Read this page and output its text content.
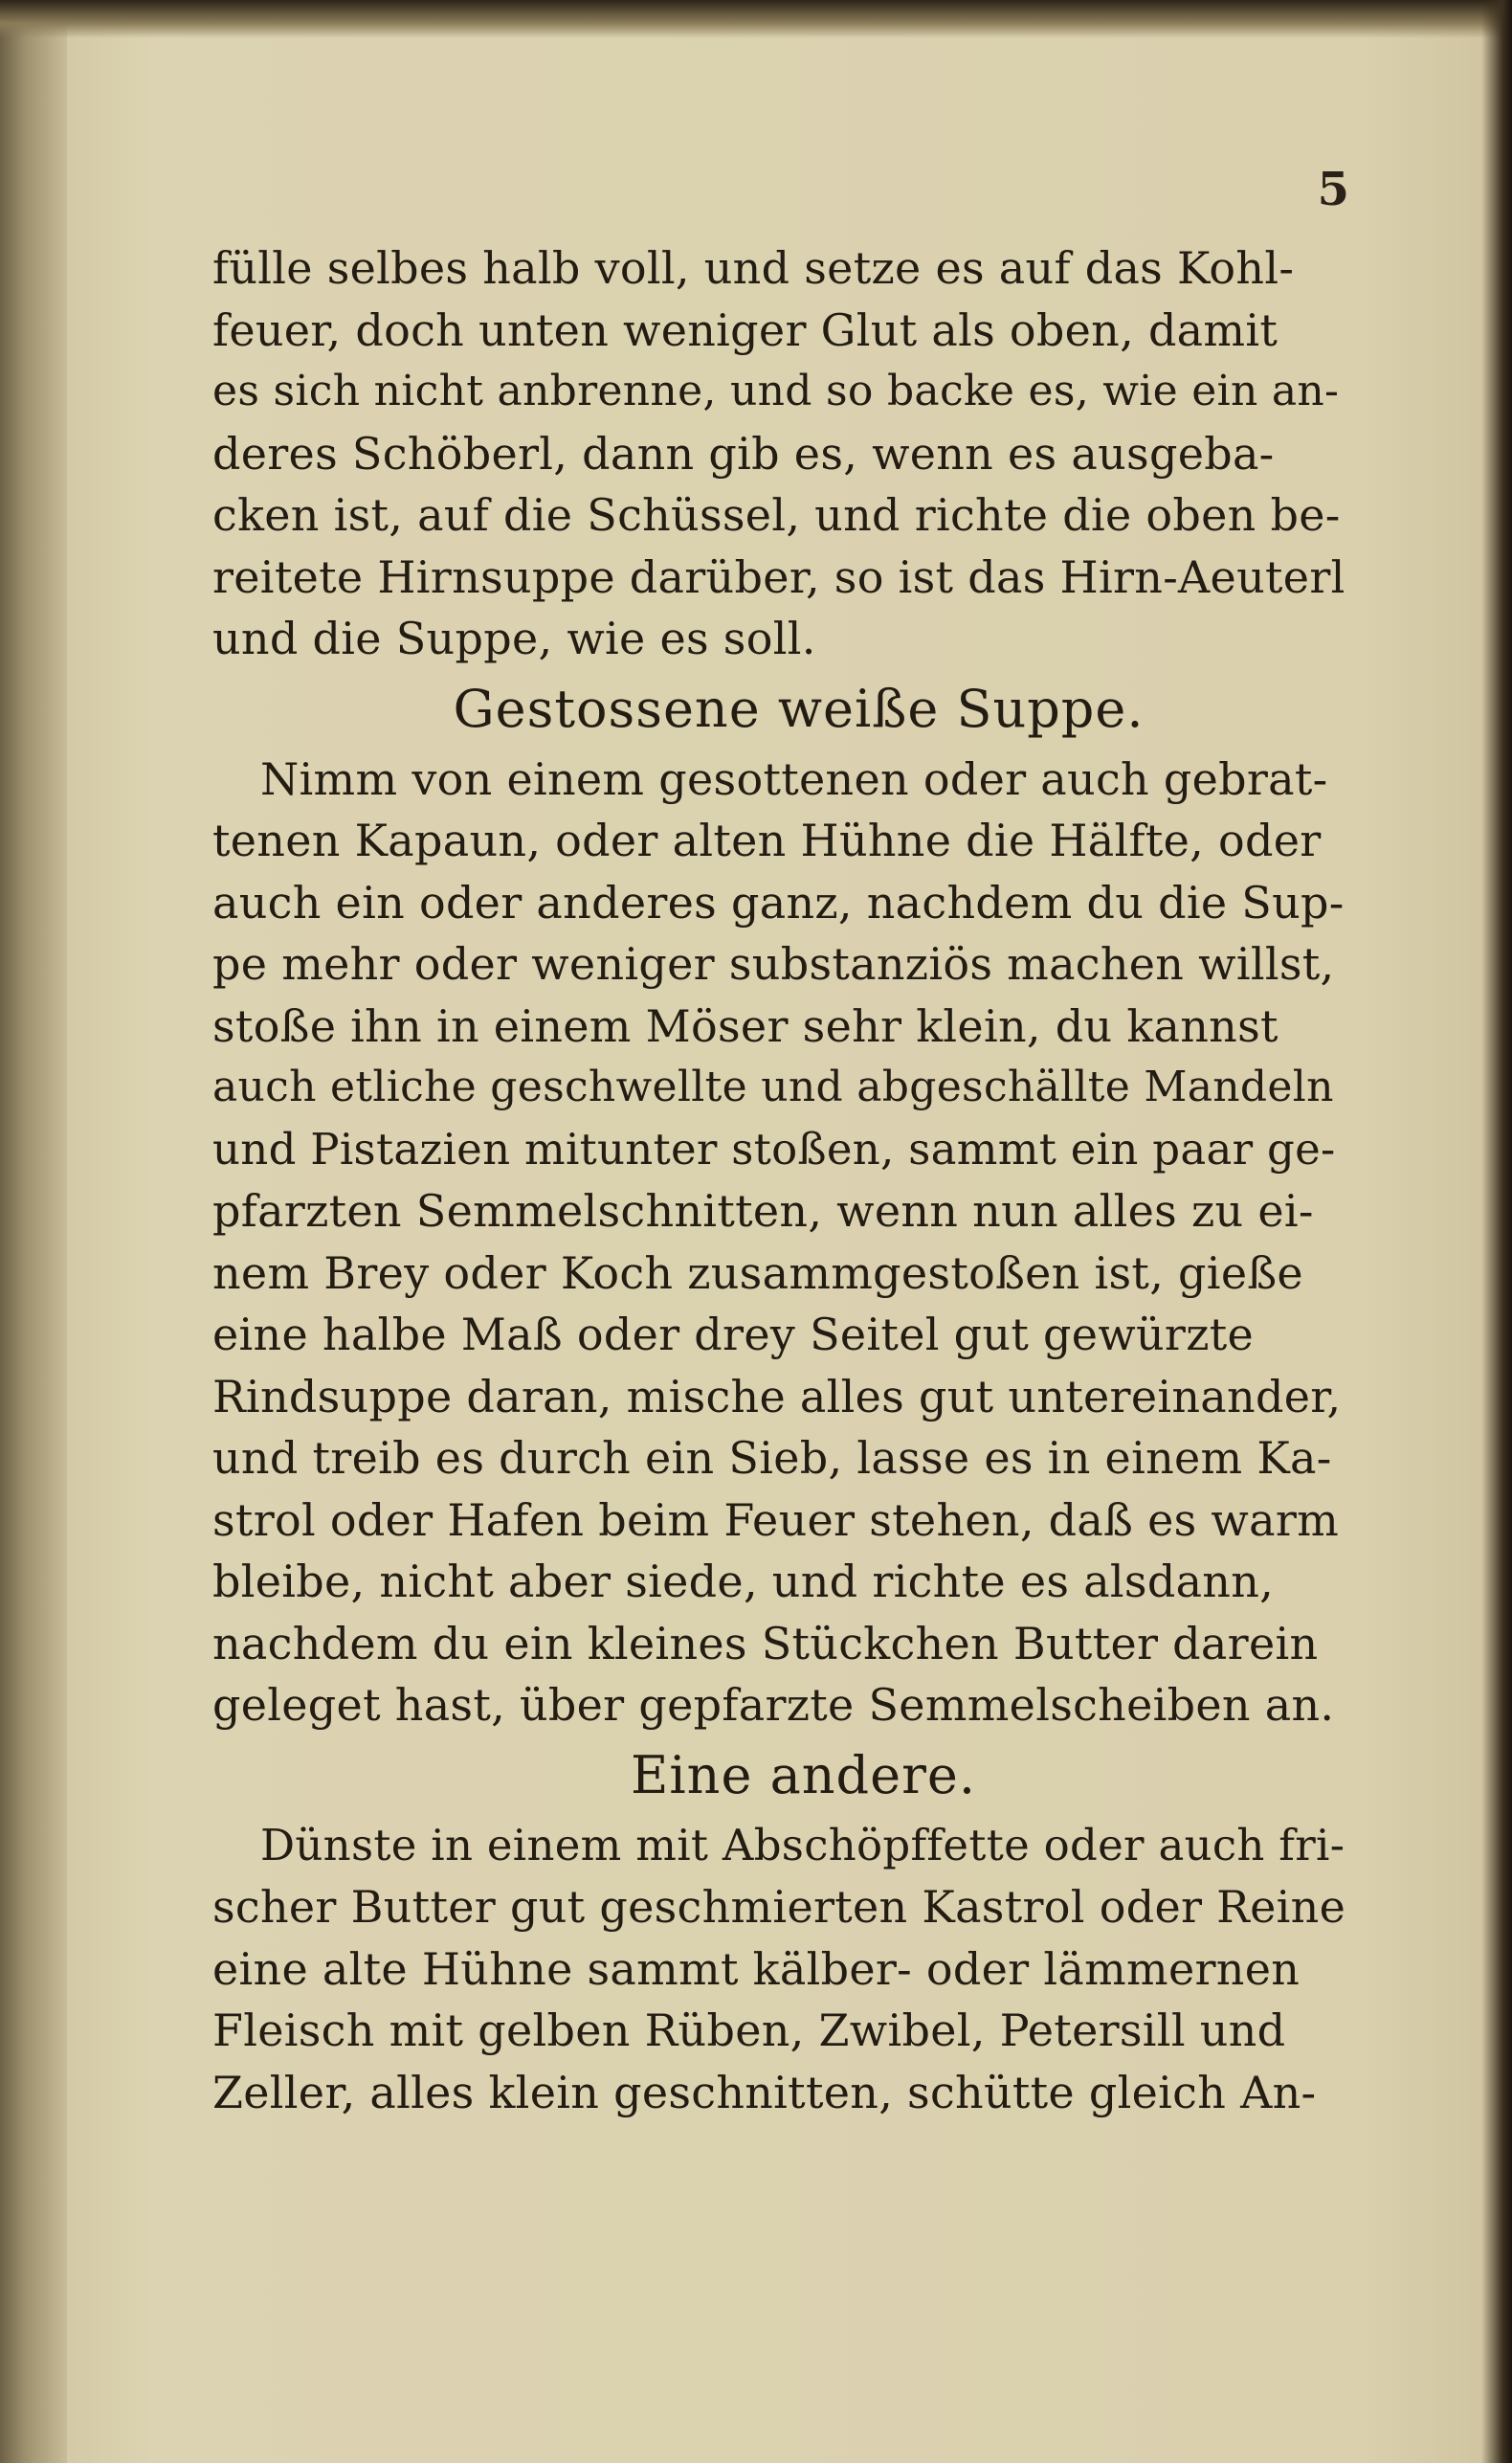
5
fülle selbes halb voll, und setze es auf das Kohl-
feuer, doch unten weniger Glut als oben, damit
es sich nicht anbrenne, und so backe es, wie ein an-
deres Schöberl, dann gib es, wenn es ausgeba-
cken ist, auf die Schüssel, und richte die oben be-
reitete Hirnsuppe darüber, so ist das Hirn-Aeuterl
und die Suppe, wie es soll.
Gestossene weiße Suppe.
Nimm von einem gesottenen oder auch gebrat-
tenen Kapaun, oder alten Hühne die Hälfte, oder
auch ein oder anderes ganz, nachdem du die Sup-
pe mehr oder weniger substanziös machen willst,
stoße ihn in einem Möser sehr klein, du kannst
auch etliche geschwellte und abgeschällte Mandeln
und Pistazien mitunter stoßen, sammt ein paar ge-
pfarzten Semmelschnitten, wenn nun alles zu ei-
nem Brey oder Koch zusammgestoßen ist, gieße
eine halbe Maß oder drey Seitel gut gewürzte
Rindsuppe daran, mische alles gut untereinander,
und treib es durch ein Sieb, lasse es in einem Ka-
strol oder Hafen beim Feuer stehen, daß es warm
bleibe, nicht aber siede, und richte es alsdann,
nachdem du ein kleines Stückchen Butter darein
geleget hast, über gepfarzte Semmelscheiben an.
Eine andere.
Dünste in einem mit Abschöpffette oder auch fri-
scher Butter gut geschmierten Kastrol oder Reine
eine alte Hühne sammt kälber- oder lämmernen
Fleisch mit gelben Rüben, Zwibel, Petersill und
Zeller, alles klein geschnitten, schütte gleich An-
